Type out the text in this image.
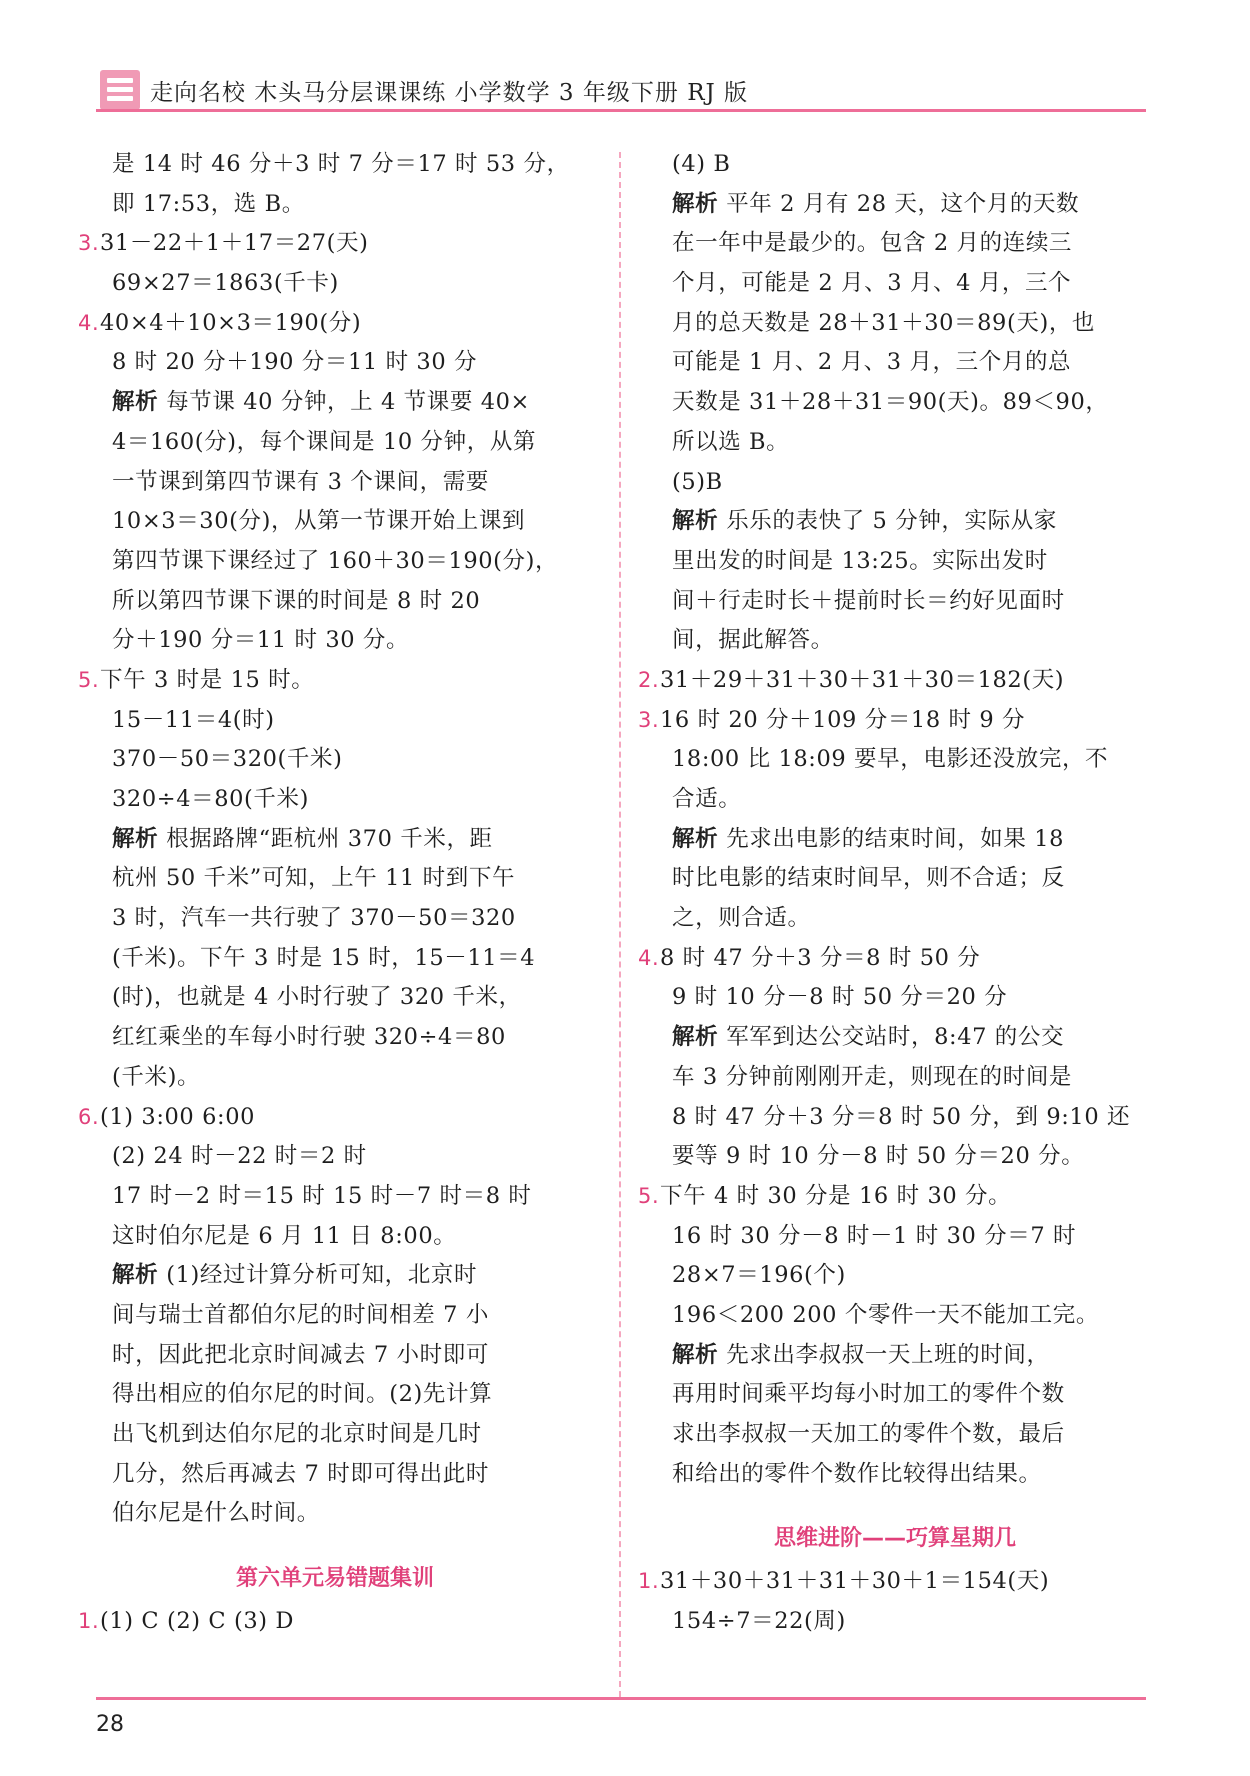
走向名校 木头马分层课课练 小学数学 3 年级下册 RJ 版
是 14 时 46 分＋3 时 7 分＝17 时 53 分，
即 17:53，选 B。
3. 31－22＋1＋17＝27(天)
69×27＝1863(千卡)
4. 40×4＋10×3＝190(分)
8 时 20 分＋190 分＝11 时 30 分
解析 每节课 40 分钟，上 4 节课要 40×
4＝160(分)，每个课间是 10 分钟，从第
一节课到第四节课有 3 个课间，需要
10×3＝30(分)，从第一节课开始上课到
第四节课下课经过了 160＋30＝190(分)，
所以第四节课下课的时间是 8 时 20
分＋190 分＝11 时 30 分。
5. 下午 3 时是 15 时。
15－11＝4(时)
370－50＝320(千米)
320÷4＝80(千米)
解析 根据路牌“距杭州 370 千米，距
杭州 50 千米”可知，上午 11 时到下午
3 时，汽车一共行驶了 370－50＝320
(千米)。下午 3 时是 15 时，15－11＝4
(时)，也就是 4 小时行驶了 320 千米，
红红乘坐的车每小时行驶 320÷4＝80
(千米)。
6. (1) 3:00 6:00
(2) 24 时－22 时＝2 时
17 时－2 时＝15 时 15 时－7 时＝8 时
这时伯尔尼是 6 月 11 日 8:00。
解析 (1)经过计算分析可知，北京时
间与瑞士首都伯尔尼的时间相差 7 小
时，因此把北京时间减去 7 小时即可
得出相应的伯尔尼的时间。(2)先计算
出飞机到达伯尔尼的北京时间是几时
几分，然后再减去 7 时即可得出此时
伯尔尼是什么时间。
第六单元易错题集训
1. (1) C (2) C (3) D
(4) B
解析 平年 2 月有 28 天，这个月的天数
在一年中是最少的。包含 2 月的连续三
个月，可能是 2 月、3 月、4 月，三个
月的总天数是 28＋31＋30＝89(天)，也
可能是 1 月、2 月、3 月，三个月的总
天数是 31＋28＋31＝90(天)。89＜90，
所以选 B。
(5)B
解析 乐乐的表快了 5 分钟，实际从家
里出发的时间是 13:25。实际出发时
间＋行走时长＋提前时长＝约好见面时
间，据此解答。
2. 31＋29＋31＋30＋31＋30＝182(天)
3. 16 时 20 分＋109 分＝18 时 9 分
18:00 比 18:09 要早，电影还没放完，不
合适。
解析 先求出电影的结束时间，如果 18
时比电影的结束时间早，则不合适；反
之，则合适。
4. 8 时 47 分＋3 分＝8 时 50 分
9 时 10 分－8 时 50 分＝20 分
解析 军军到达公交站时，8:47 的公交
车 3 分钟前刚刚开走，则现在的时间是
8 时 47 分＋3 分＝8 时 50 分，到 9:10 还
要等 9 时 10 分－8 时 50 分＝20 分。
5. 下午 4 时 30 分是 16 时 30 分。
16 时 30 分－8 时－1 时 30 分＝7 时
28×7＝196(个)
196＜200 200 个零件一天不能加工完。
解析 先求出李叔叔一天上班的时间，
再用时间乘平均每小时加工的零件个数
求出李叔叔一天加工的零件个数，最后
和给出的零件个数作比较得出结果。
思维进阶——巧算星期几
1. 31＋30＋31＋31＋30＋1＝154(天)
154÷7＝22(周)
28
